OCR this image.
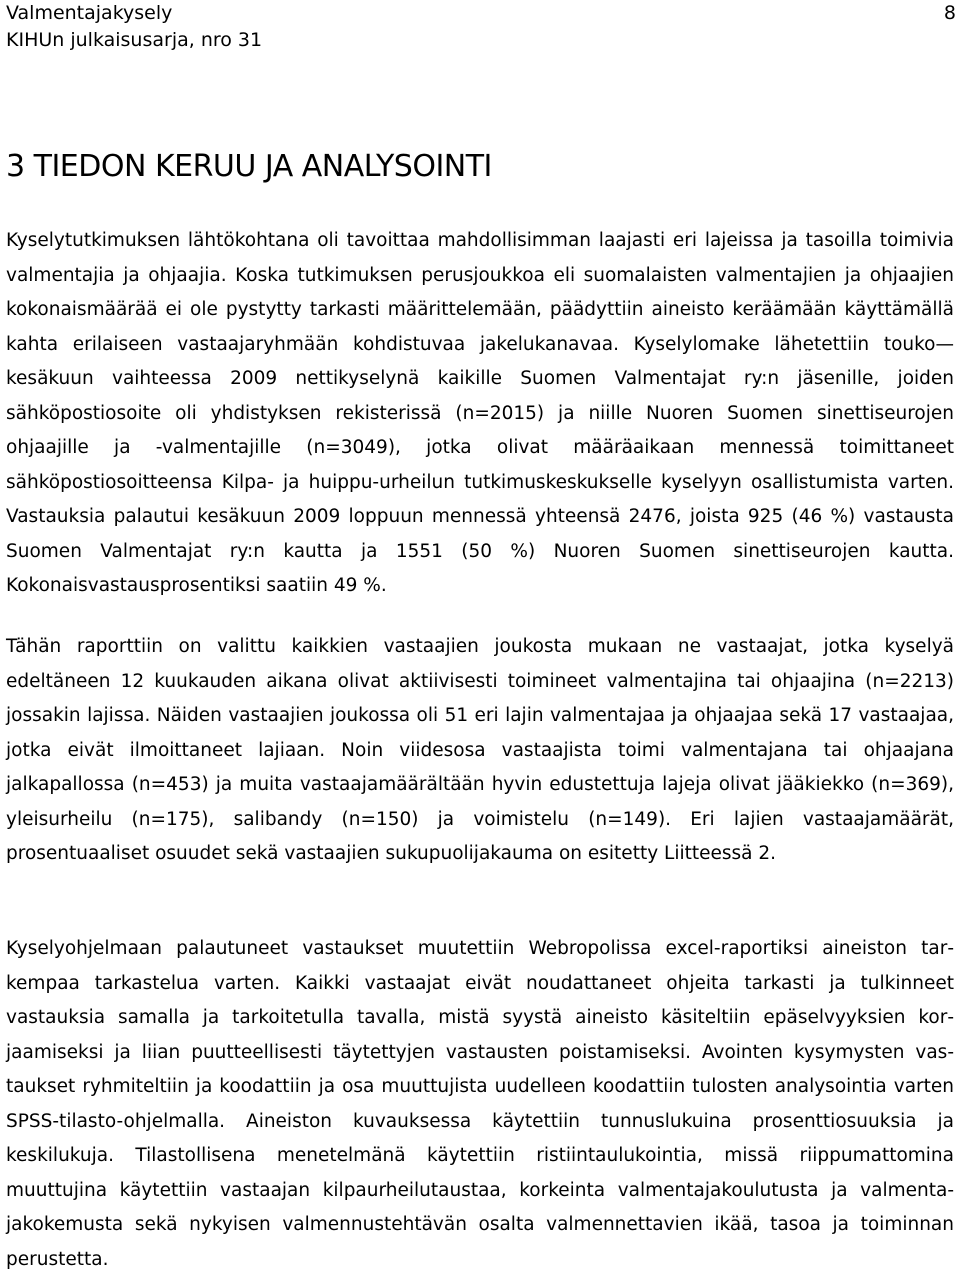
Valmentajakysely
KIHUn julkaisusarja, nro 31
8
3 TIEDON KERUU JA ANALYSOINTI

Kyselytutkimuksen lähtökohtana oli tavoittaa mahdollisimman laajasti eri lajeissa ja tasoilla toimivia valmentajia ja ohjaajia. Koska tutkimuksen perusjoukkoa eli suomalaisten valmentajien ja ohjaajien kokonaismäärää ei ole pystytty tarkasti määrittelemään, päädyttiin aineisto keräämään käyttämällä kahta erilaiseen vastaajaryhmään kohdistuvaa jakelukanavaa. Kyselylomake lähetettiin touko—kesäkuun vaihteessa 2009 nettikyselynä kaikille Suomen Valmentajat ry:n jäsenille, joiden sähköpostiosoite oli yhdistyksen rekisterissä (n=2015) ja niille Nuoren Suomen sinettiseurojen ohjaajille ja -valmentajille (n=3049), jotka olivat määräaikaan mennessä toimittaneet sähköpostiosoitteensa Kilpa- ja huippu-urheilun tutkimuskeskukselle kyselyyn osallistumista varten. Vastauksia palautui kesäkuun 2009 loppuun mennessä yhteensä 2476, joista 925 (46 %) vastausta Suomen Valmentajat ry:n kautta ja 1551 (50 %) Nuoren Suomen sinettiseurojen kautta. Kokonaisvastausprosentiksi saatiin 49 %.

Tähän raporttiin on valittu kaikkien vastaajien joukosta mukaan ne vastaajat, jotka kyselyä edeltäneen 12 kuukauden aikana olivat aktiivisesti toimineet valmentajina tai ohjaajina (n=2213) jossakin lajissa. Näiden vastaajien joukossa oli 51 eri lajin valmentajaa ja ohjaajaa sekä 17 vastaajaa, jotka eivät ilmoittaneet lajiaan. Noin viidesosa vastaajista toimi valmentajana tai ohjaajana jalkapallossa (n=453) ja muita vastaajamäärältään hyvin edustettuja lajeja olivat jääkiekko (n=369), yleisurheilu (n=175), salibandy (n=150) ja voimistelu (n=149). Eri lajien vastaajamäärät, prosentuaaliset osuudet sekä vastaajien sukupuolijakauma on esitetty Liitteessä 2.

Kyselyohjelmaan palautuneet vastaukset muutettiin Webropolissa excel-raportiksi aineiston tarkempaa tarkastelua varten. Kaikki vastaajat eivät noudattaneet ohjeita tarkasti ja tulkinneet vastauksia samalla ja tarkoitetulla tavalla, mistä syystä aineisto käsiteltiin epäselvyyksien korjaamiseksi ja liian puutteellisesti täytettyjen vastausten poistamiseksi. Avointen kysymysten vastaukset ryhmiteltiin ja koodattiin ja osa muuttujista uudelleen koodattiin tulosten analysointia varten SPSS-tilasto-ohjelmalla. Aineiston kuvauksessa käytettiin tunnuslukuina prosenttiosuuksia ja keskilukuja. Tilastollisena menetelmänä käytettiin ristiintaulukointia, missä riippumattomina muuttujina käytettiin vastaajan kilpaurheilutaustaa, korkeinta valmentajakoulutusta ja valmentajakokemusta sekä nykyisen valmennustehtävän osalta valmennettavien ikää, tasoa ja toiminnan perustetta.
